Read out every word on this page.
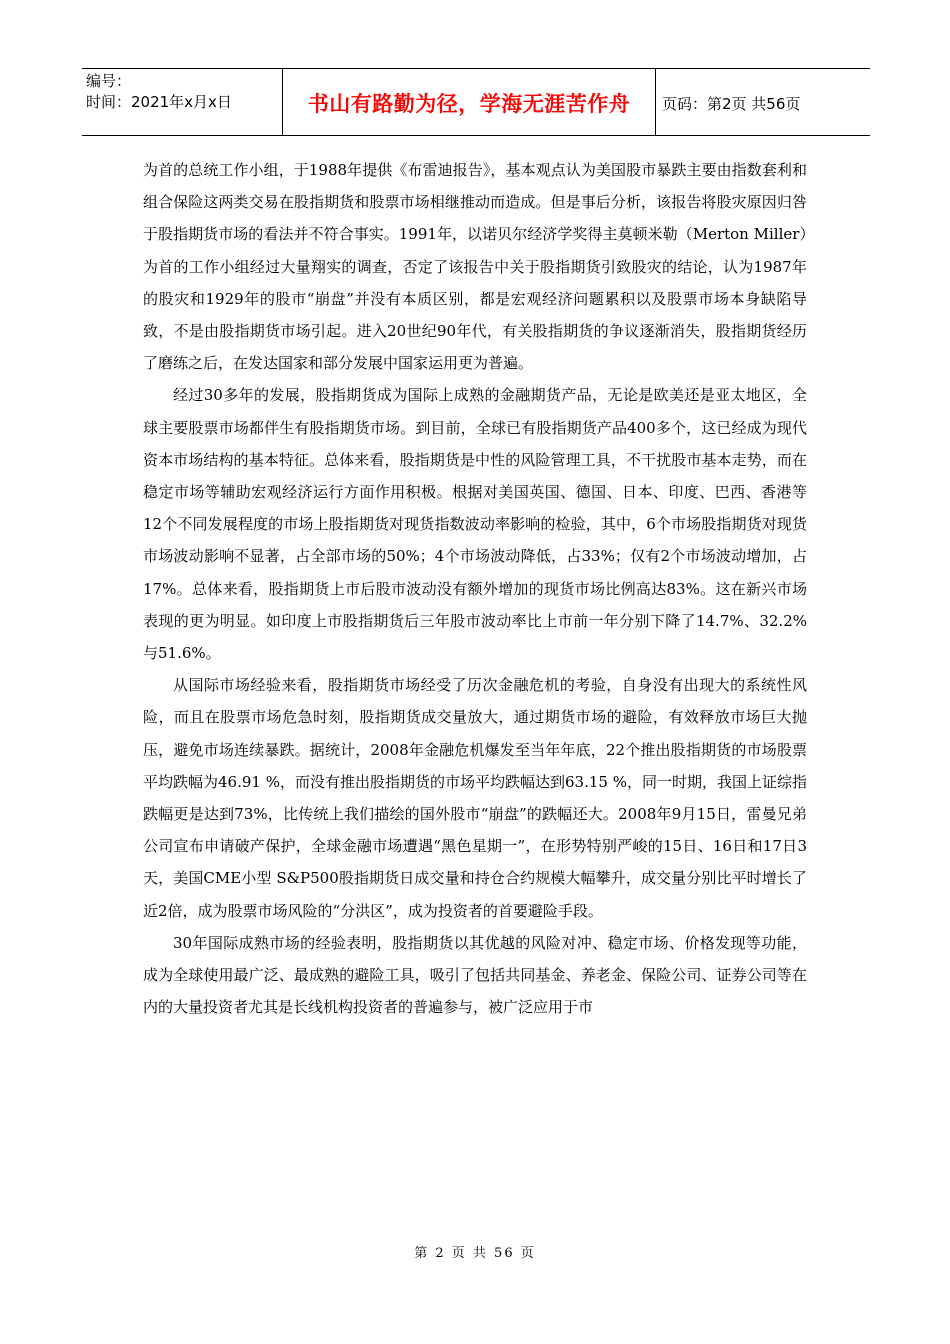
编号：
时间：2021年x月x日	书山有路勤为径，学海无涯苦作舟	页码：第2页 共56页

为首的总统工作小组，于1988年提供《布雷迪报告》，基本观点认为美国股市暴跌主要由指数套利和组合保险这两类交易在股指期货和股票市场相继推动而造成。但是事后分析，该报告将股灾原因归咎于股指期货市场的看法并不符合事实。1991年，以诺贝尔经济学奖得主莫顿米勒（Merton Miller）为首的工作小组经过大量翔实的调查，否定了该报告中关于股指期货引致股灾的结论，认为1987年的股灾和1929年的股市“崩盘”并没有本质区别，都是宏观经济问题累积以及股票市场本身缺陷导致，不是由股指期货市场引起。进入20世纪90年代，有关股指期货的争议逐渐消失，股指期货经历了磨练之后，在发达国家和部分发展中国家运用更为普遍。

经过30多年的发展，股指期货成为国际上成熟的金融期货产品，无论是欧美还是亚太地区，全球主要股票市场都伴生有股指期货市场。到目前，全球已有股指期货产品400多个，这已经成为现代资本市场结构的基本特征。总体来看，股指期货是中性的风险管理工具，不干扰股市基本走势，而在稳定市场等辅助宏观经济运行方面作用积极。根据对美国英国、德国、日本、印度、巴西、香港等12个不同发展程度的市场上股指期货对现货指数波动率影响的检验，其中，6个市场股指期货对现货市场波动影响不显著，占全部市场的50%；4个市场波动降低，占33%；仅有2个市场波动增加，占17%。总体来看，股指期货上市后股市波动没有额外增加的现货市场比例高达83%。这在新兴市场表现的更为明显。如印度上市股指期货后三年股市波动率比上市前一年分别下降了14.7%、32.2%与51.6%。

从国际市场经验来看，股指期货市场经受了历次金融危机的考验，自身没有出现大的系统性风险，而且在股票市场危急时刻，股指期货成交量放大，通过期货市场的避险，有效释放市场巨大抛压，避免市场连续暴跌。据统计，2008年金融危机爆发至当年年底，22个推出股指期货的市场股票平均跌幅为46.91 %，而没有推出股指期货的市场平均跌幅达到63.15 %，同一时期，我国上证综指跌幅更是达到73%，比传统上我们描绘的国外股市“崩盘”的跌幅还大。2008年9月15日，雷曼兄弟公司宣布申请破产保护，全球金融市场遭遇“黑色星期一”，在形势特别严峻的15日、16日和17日3天，美国CME小型 S&P500股指期货日成交量和持仓合约规模大幅攀升，成交量分别比平时增长了近2倍，成为股票市场风险的“分洪区”，成为投资者的首要避险手段。

30年国际成熟市场的经验表明，股指期货以其优越的风险对冲、稳定市场、价格发现等功能，成为全球使用最广泛、最成熟的避险工具，吸引了包括共同基金、养老金、保险公司、证券公司等在内的大量投资者尤其是长线机构投资者的普遍参与，被广泛应用于市

第 2 页 共 56 页
